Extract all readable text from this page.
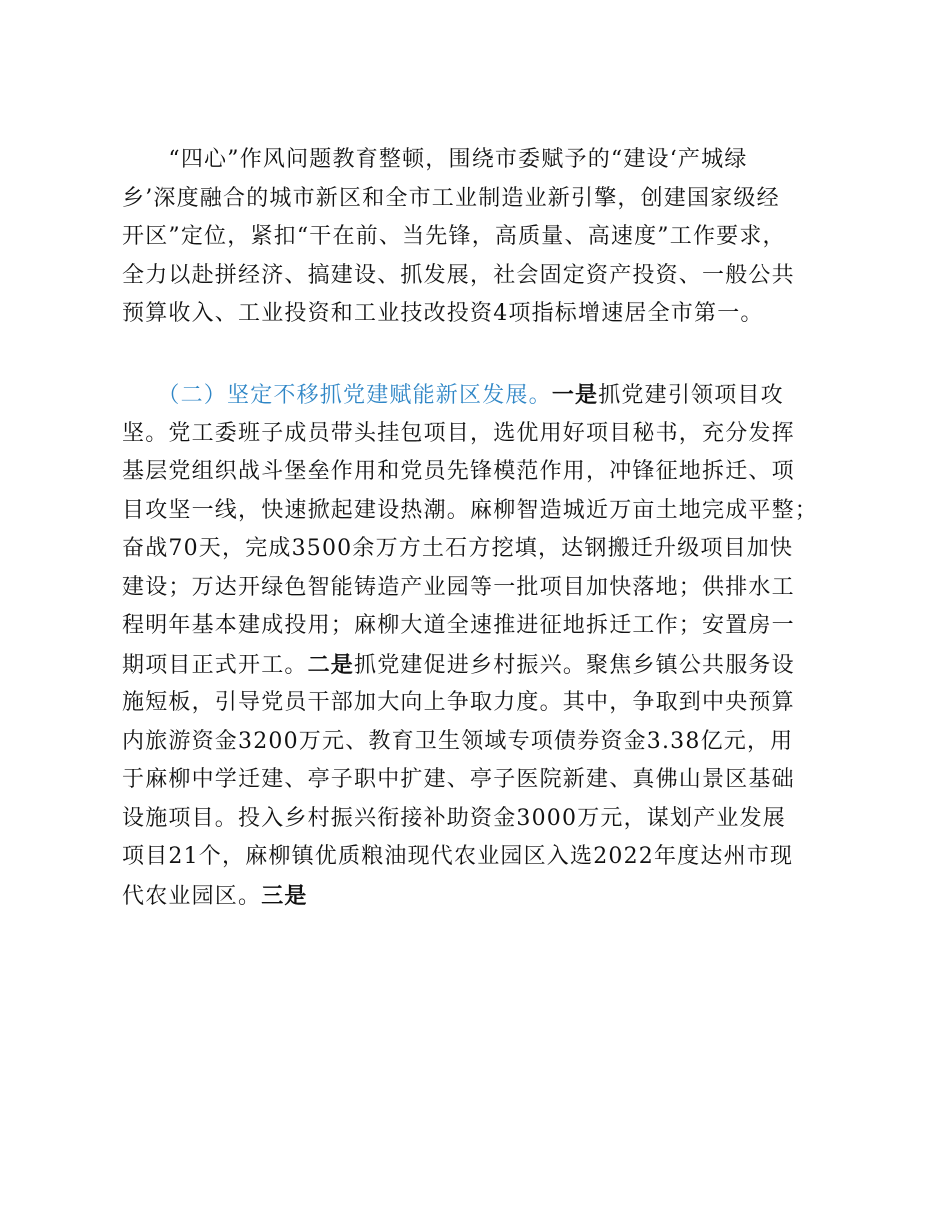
　　“四心”作风问题教育整顿，围绕市委赋予的“建设‘产城绿
乡’深度融合的城市新区和全市工业制造业新引擎，创建国家级经
开区”定位，紧扣“干在前、当先锋，高质量、高速度”工作要求，
全力以赴拼经济、搞建设、抓发展，社会固定资产投资、一般公共
预算收入、工业投资和工业技改投资4项指标增速居全市第一。
　　（二）坚定不移抓党建赋能新区发展。一是抓党建引领项目攻
坚。党工委班子成员带头挂包项目，选优用好项目秘书，充分发挥
基层党组织战斗堡垒作用和党员先锋模范作用，冲锋征地拆迁、项
目攻坚一线，快速掀起建设热潮。麻柳智造城近万亩土地完成平整；
奋战70天，完成3500余万方土石方挖填，达钢搬迁升级项目加快
建设；万达开绿色智能铸造产业园等一批项目加快落地；供排水工
程明年基本建成投用；麻柳大道全速推进征地拆迁工作；安置房一
期项目正式开工。二是抓党建促进乡村振兴。聚焦乡镇公共服务设
施短板，引导党员干部加大向上争取力度。其中，争取到中央预算
内旅游资金3200万元、教育卫生领域专项债券资金3.38亿元，用
于麻柳中学迁建、亭子职中扩建、亭子医院新建、真佛山景区基础
设施项目。投入乡村振兴衔接补助资金3000万元，谋划产业发展
项目21个，麻柳镇优质粮油现代农业园区入选2022年度达州市现
代农业园区。三是
